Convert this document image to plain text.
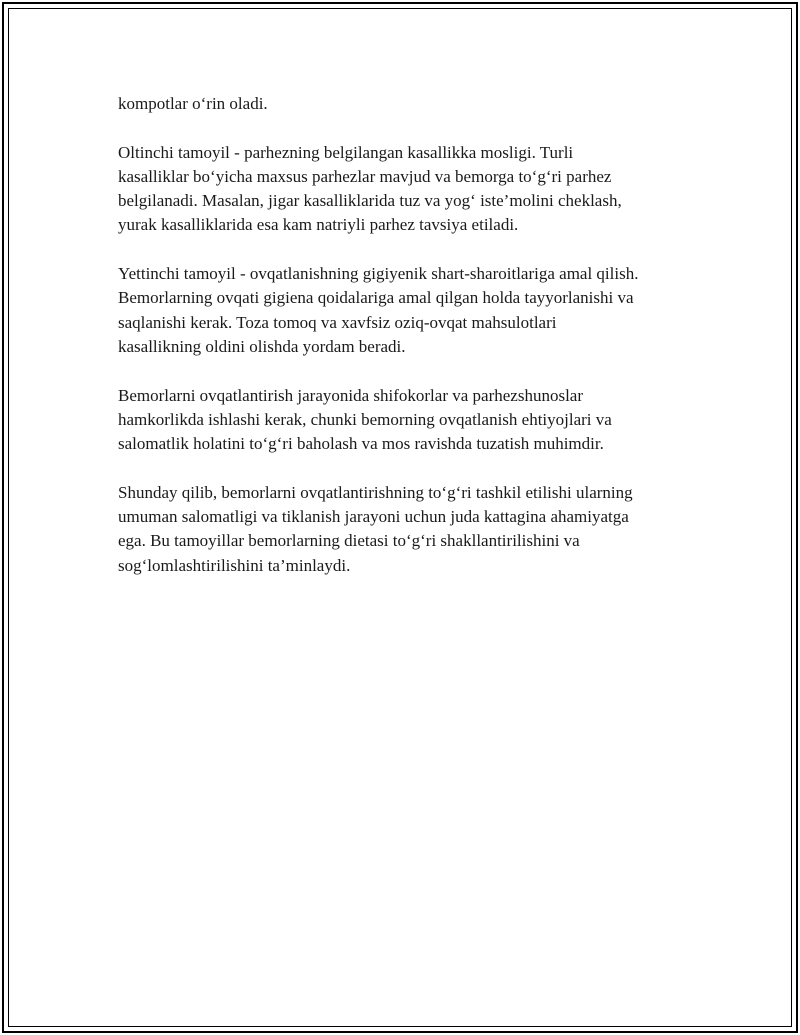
kompotlar o‘rin oladi.

Oltinchi tamoyil - parhezning belgilangan kasallikka mosligi. Turli
kasalliklar bo‘yicha maxsus parhezlar mavjud va bemorga to‘g‘ri parhez
belgilanadi. Masalan, jigar kasalliklarida tuz va yog‘ iste’molini cheklash,
yurak kasalliklarida esa kam natriyli parhez tavsiya etiladi.

Yettinchi tamoyil - ovqatlanishning gigiyenik shart-sharoitlariga amal qilish.
Bemorlarning ovqati gigiena qoidalariga amal qilgan holda tayyorlanishi va
saqlanishi kerak. Toza tomoq va xavfsiz oziq-ovqat mahsulotlari
kasallikning oldini olishda yordam beradi.

Bemorlarni ovqatlantirish jarayonida shifokorlar va parhezshunoslar
hamkorlikda ishlashi kerak, chunki bemorning ovqatlanish ehtiyojlari va
salomatlik holatini to‘g‘ri baholash va mos ravishda tuzatish muhimdir.

Shunday qilib, bemorlarni ovqatlantirishning to‘g‘ri tashkil etilishi ularning
umuman salomatligi va tiklanish jarayoni uchun juda kattagina ahamiyatga
ega. Bu tamoyillar bemorlarning dietasi to‘g‘ri shakllantirilishini va
sog‘lomlashtirilishini ta’minlaydi.
